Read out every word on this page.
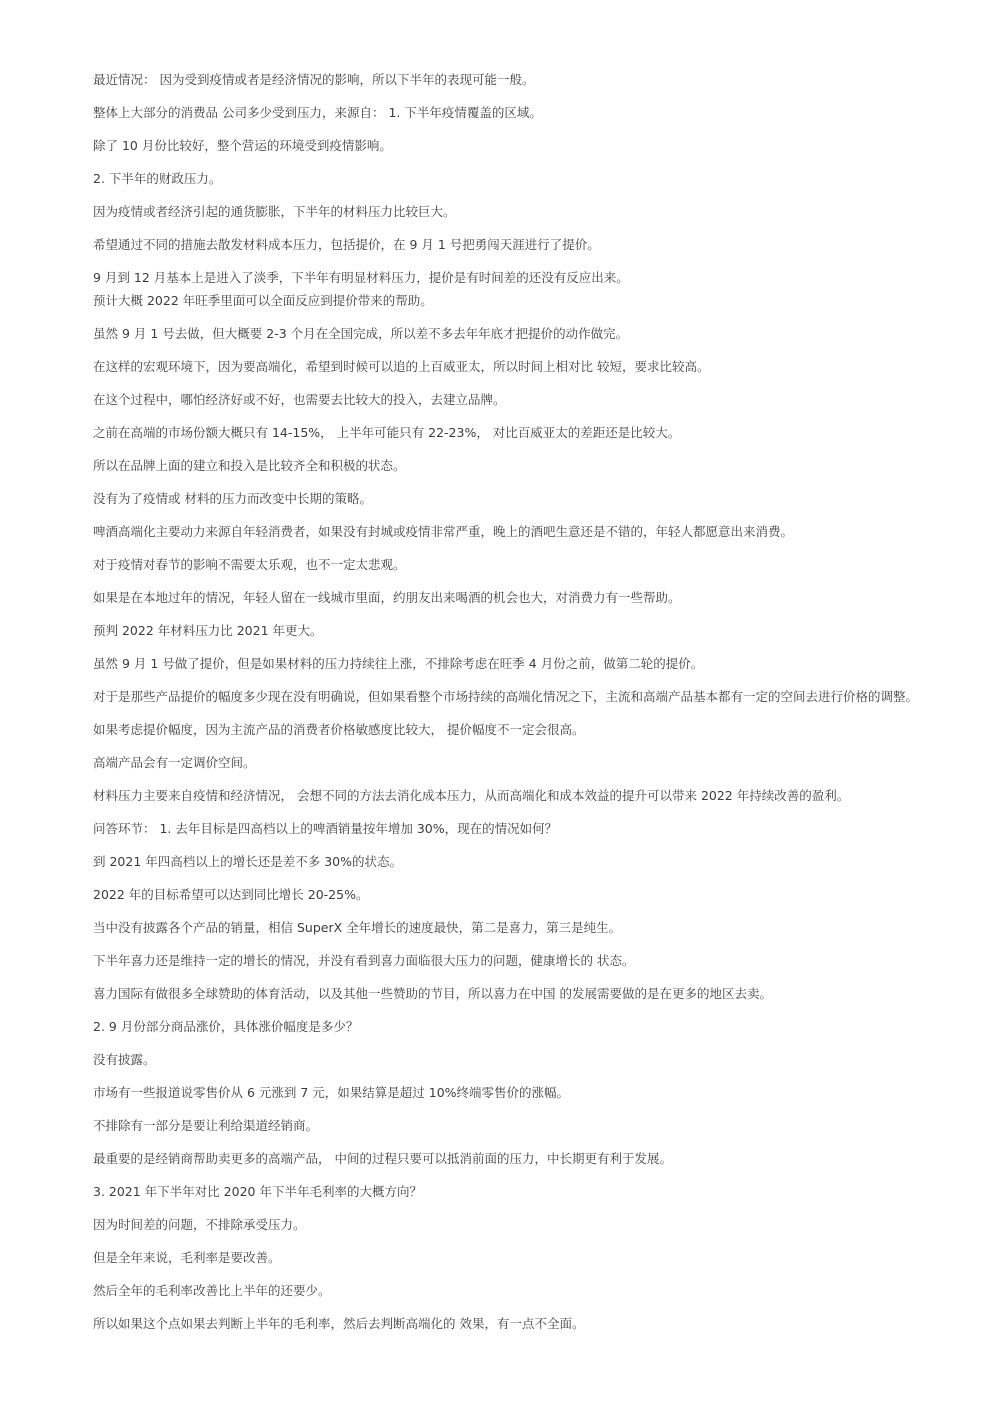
最近情况： 因为受到疫情或者是经济情况的影响，所以下半年的表现可能一般。

整体上大部分的消费品 公司多少受到压力，来源自： 1. 下半年疫情覆盖的区域。

除了 10 月份比较好，整个营运的环境受到疫情影响。

2. 下半年的财政压力。

因为疫情或者经济引起的通货膨胀，下半年的材料压力比较巨大。

希望通过不同的措施去散发材料成本压力，包括提价，在 9 月 1 号把勇闯天涯进行了提价。

9 月到 12 月基本上是进入了淡季，下半年有明显材料压力，提价是有时间差的还没有反应出来。

预计大概 2022 年旺季里面可以全面反应到提价带来的帮助。

虽然 9 月 1 号去做，但大概要 2-3 个月在全国完成，所以差不多去年年底才把提价的动作做完。

在这样的宏观环境下，因为要高端化，希望到时候可以追的上百威亚太，所以时间上相对比 较短，要求比较高。

在这个过程中，哪怕经济好或不好，也需要去比较大的投入，去建立品牌。

之前在高端的市场份额大概只有 14-15%， 上半年可能只有 22-23%， 对比百威亚太的差距还是比较大。

所以在品牌上面的建立和投入是比较齐全和积极的状态。

没有为了疫情或 材料的压力而改变中长期的策略。

啤酒高端化主要动力来源自年轻消费者，如果没有封城或疫情非常严重，晚上的酒吧生意还是不错的，年轻人都愿意出来消费。

对于疫情对春节的影响不需要太乐观，也不一定太悲观。

如果是在本地过年的情况，年轻人留在一线城市里面，约朋友出来喝酒的机会也大，对消费力有一些帮助。

预判 2022 年材料压力比 2021 年更大。

虽然 9 月 1 号做了提价，但是如果材料的压力持续往上涨，不排除考虑在旺季 4 月份之前，做第二轮的提价。

对于是那些产品提价的幅度多少现在没有明确说，但如果看整个市场持续的高端化情况之下，主流和高端产品基本都有一定的空间去进行价格的调整。

如果考虑提价幅度，因为主流产品的消费者价格敏感度比较大， 提价幅度不一定会很高。

高端产品会有一定调价空间。

材料压力主要来自疫情和经济情况， 会想不同的方法去消化成本压力，从而高端化和成本效益的提升可以带来 2022 年持续改善的盈利。

问答环节： 1. 去年目标是四高档以上的啤酒销量按年增加 30%，现在的情况如何？

到 2021 年四高档以上的增长还是差不多 30%的状态。

2022 年的目标希望可以达到同比增长 20-25%。

当中没有披露各个产品的销量，相信 SuperX 全年增长的速度最快，第二是喜力，第三是纯生。

下半年喜力还是维持一定的增长的情况，并没有看到喜力面临很大压力的问题，健康增长的 状态。

喜力国际有做很多全球赞助的体育活动，以及其他一些赞助的节目，所以喜力在中国 的发展需要做的是在更多的地区去卖。

2. 9 月份部分商品涨价，具体涨价幅度是多少？

没有披露。

市场有一些报道说零售价从 6 元涨到 7 元，如果结算是超过 10%终端零售价的涨幅。

不排除有一部分是要让利给渠道经销商。

最重要的是经销商帮助卖更多的高端产品， 中间的过程只要可以抵消前面的压力，中长期更有利于发展。

3. 2021 年下半年对比 2020 年下半年毛利率的大概方向？

因为时间差的问题，不排除承受压力。

但是全年来说，毛利率是要改善。

然后全年的毛利率改善比上半年的还要少。

所以如果这个点如果去判断上半年的毛利率，然后去判断高端化的 效果，有一点不全面。
